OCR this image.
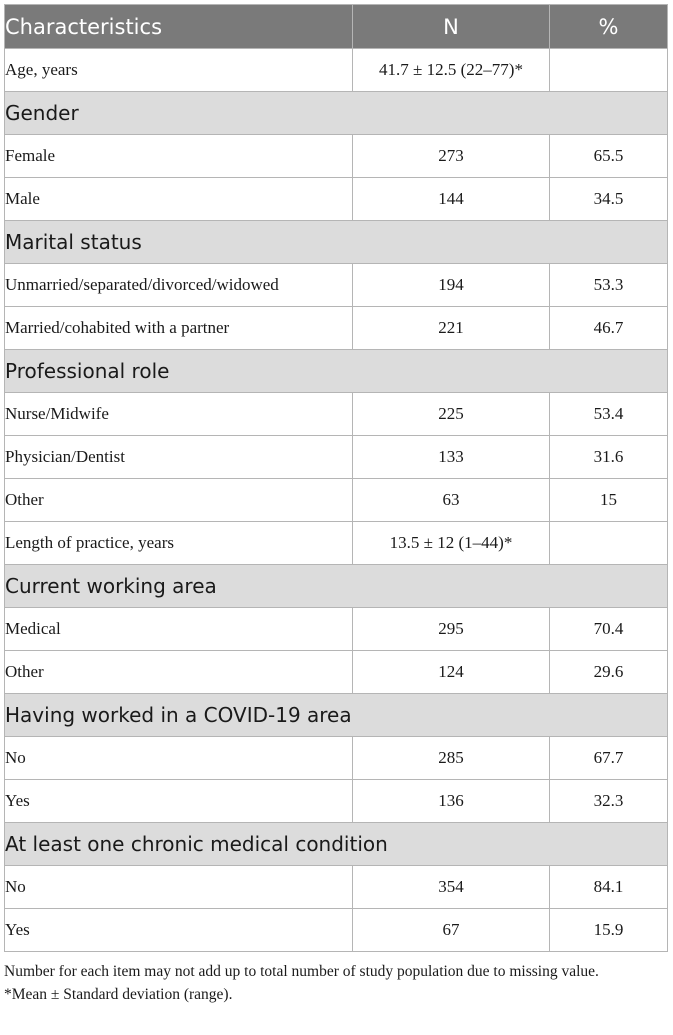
Characteristics	N	%
Age, years	41.7 ± 12.5 (22–77)*	
Gender		
Female	273	65.5
Male	144	34.5
Marital status		
Unmarried/separated/divorced/widowed	194	53.3
Married/cohabited with a partner	221	46.7
Professional role		
Nurse/Midwife	225	53.4
Physician/Dentist	133	31.6
Other	63	15
Length of practice, years	13.5 ± 12 (1–44)*	
Current working area		
Medical	295	70.4
Other	124	29.6
Having worked in a COVID-19 area		
No	285	67.7
Yes	136	32.3
At least one chronic medical condition		
No	354	84.1
Yes	67	15.9

Number for each item may not add up to total number of study population due to missing value.

*Mean ± Standard deviation (range).
